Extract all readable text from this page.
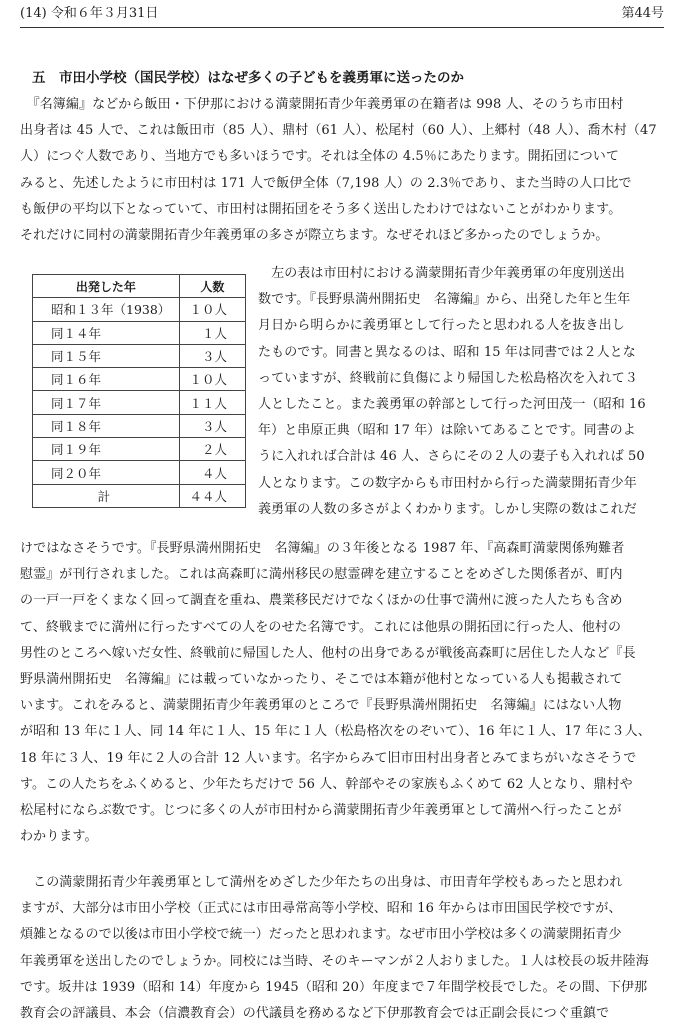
(14) 令和６年３月31日	第44号
五　市田小学校（国民学校）はなぜ多くの子どもを義勇軍に送ったのか
　『名簿編』などから飯田・下伊那における満蒙開拓青少年義勇軍の在籍者は 998 人、そのうち市田村
出身者は 45 人で、これは飯田市（85 人）、鼎村（61 人）、松尾村（60 人）、上郷村（48 人）、喬木村（47
人）につぐ人数であり、当地方でも多いほうです。それは全体の 4.5％にあたります。開拓団について
みると、先述したように市田村は 171 人で飯伊全体（7,198 人）の 2.3％であり、また当時の人口比で
も飯伊の平均以下となっていて、市田村は開拓団をそう多く送出したわけではないことがわかります。
それだけに同村の満蒙開拓青少年義勇軍の多さが際立ちます。なぜそれほど多かったのでしょうか。
出発した年	人数
昭和１３年（1938）	１０人
同１４年	１人
同１５年	３人
同１６年	１０人
同１７年	１１人
同１８年	３人
同１９年	２人
同２０年	４人
計	４４人
　左の表は市田村における満蒙開拓青少年義勇軍の年度別送出
数です。『長野県満州開拓史　名簿編』から、出発した年と生年
月日から明らかに義勇軍として行ったと思われる人を抜き出し
たものです。同書と異なるのは、昭和 15 年は同書では２人とな
っていますが、終戦前に負傷により帰国した松島格次を入れて３
人としたこと。また義勇軍の幹部として行った河田茂一（昭和 16
年）と串原正典（昭和 17 年）は除いてあることです。同書のよ
うに入れれば合計は 46 人、さらにその２人の妻子も入れれば 50
人となります。この数字からも市田村から行った満蒙開拓青少年
義勇軍の人数の多さがよくわかります。しかし実際の数はこれだ
けではなさそうです。『長野県満州開拓史　名簿編』の３年後となる 1987 年、『高森町満蒙関係殉難者
慰霊』が刊行されました。これは高森町に満州移民の慰霊碑を建立することをめざした関係者が、町内
の一戸一戸をくまなく回って調査を重ね、農業移民だけでなくほかの仕事で満州に渡った人たちも含め
て、終戦までに満州に行ったすべての人をのせた名簿です。これには他県の開拓団に行った人、他村の
男性のところへ嫁いだ女性、終戦前に帰国した人、他村の出身であるが戦後高森町に居住した人など『長
野県満州開拓史　名簿編』には載っていなかったり、そこでは本籍が他村となっている人も掲載されて
います。これをみると、満蒙開拓青少年義勇軍のところで『長野県満州開拓史　名簿編』にはない人物
が昭和 13 年に１人、同 14 年に１人、15 年に１人（松島格次をのぞいて）、16 年に１人、17 年に３人、
18 年に３人、19 年に２人の合計 12 人います。名字からみて旧市田村出身者とみてまちがいなさそうで
す。この人たちをふくめると、少年たちだけで 56 人、幹部やその家族もふくめて 62 人となり、鼎村や
松尾村にならぶ数です。じつに多くの人が市田村から満蒙開拓青少年義勇軍として満州へ行ったことが
わかります。
　この満蒙開拓青少年義勇軍として満州をめざした少年たちの出身は、市田青年学校もあったと思われ
ますが、大部分は市田小学校（正式には市田尋常高等小学校、昭和 16 年からは市田国民学校ですが、
煩雑となるので以後は市田小学校で統一）だったと思われます。なぜ市田小学校は多くの満蒙開拓青少
年義勇軍を送出したのでしょうか。同校には当時、そのキーマンが２人おりました。１人は校長の坂井陸海
です。坂井は 1939（昭和 14）年度から 1945（昭和 20）年度まで７年間学校長でした。その間、下伊那
教育会の評議員、本会（信濃教育会）の代議員を務めるなど下伊那教育会では正副会長につぐ重鎮で
